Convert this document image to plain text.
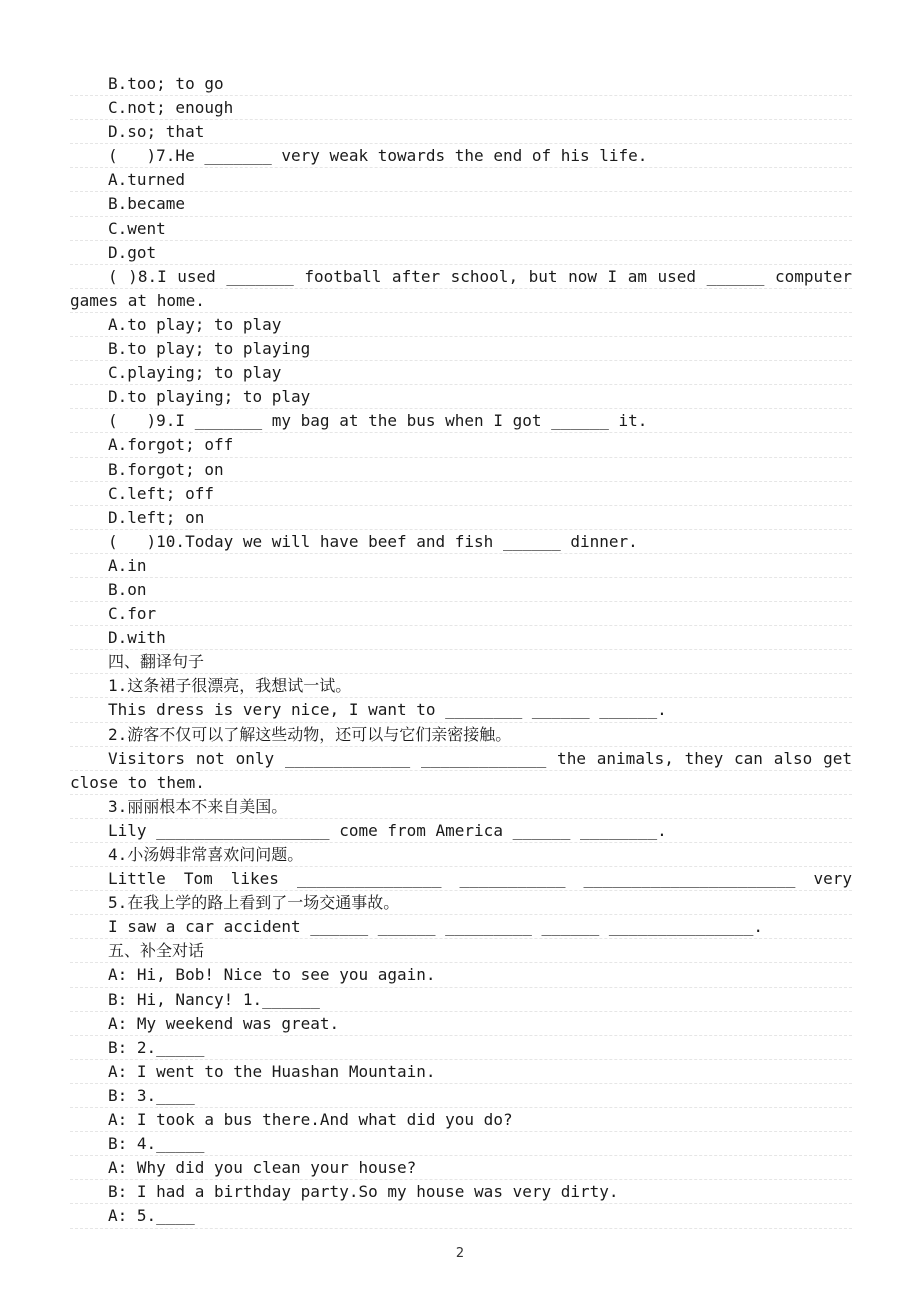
B.too; to go
C.not; enough
D.so; that
(   )7.He _______ very weak towards the end of his life.
A.turned
B.became
C.went
D.got
( )8.I used _______ football after school, but now I am used ______ computer
games at home.
A.to play; to play
B.to play; to playing
C.playing; to play
D.to playing; to play
(   )9.I _______ my bag at the bus when I got ______ it.
A.forgot; off
B.forgot; on
C.left; off
D.left; on
(   )10.Today we will have beef and fish ______ dinner.
A.in
B.on
C.for
D.with
四、翻译句子
1.这条裙子很漂亮，我想试一试。
This dress is very nice, I want to ________ ______ ______.
2.游客不仅可以了解这些动物，还可以与它们亲密接触。
Visitors not only _____________ _____________ the animals, they can also get
close to them.
3.丽丽根本不来自美国。
Lily __________________ come from America ______ ________.
4.小汤姆非常喜欢问问题。
Little Tom likes _______________ ___________ ______________________ very
5.在我上学的路上看到了一场交通事故。
I saw a car accident ______ ______ _________ ______ _______________.
五、补全对话
A: Hi, Bob! Nice to see you again.
B: Hi, Nancy! 1.______
A: My weekend was great.
B: 2._____
A: I went to the Huashan Mountain.
B: 3.____
A: I took a bus there.And what did you do?
B: 4._____
A: Why did you clean your house?
B: I had a birthday party.So my house was very dirty.
A: 5.____
2
